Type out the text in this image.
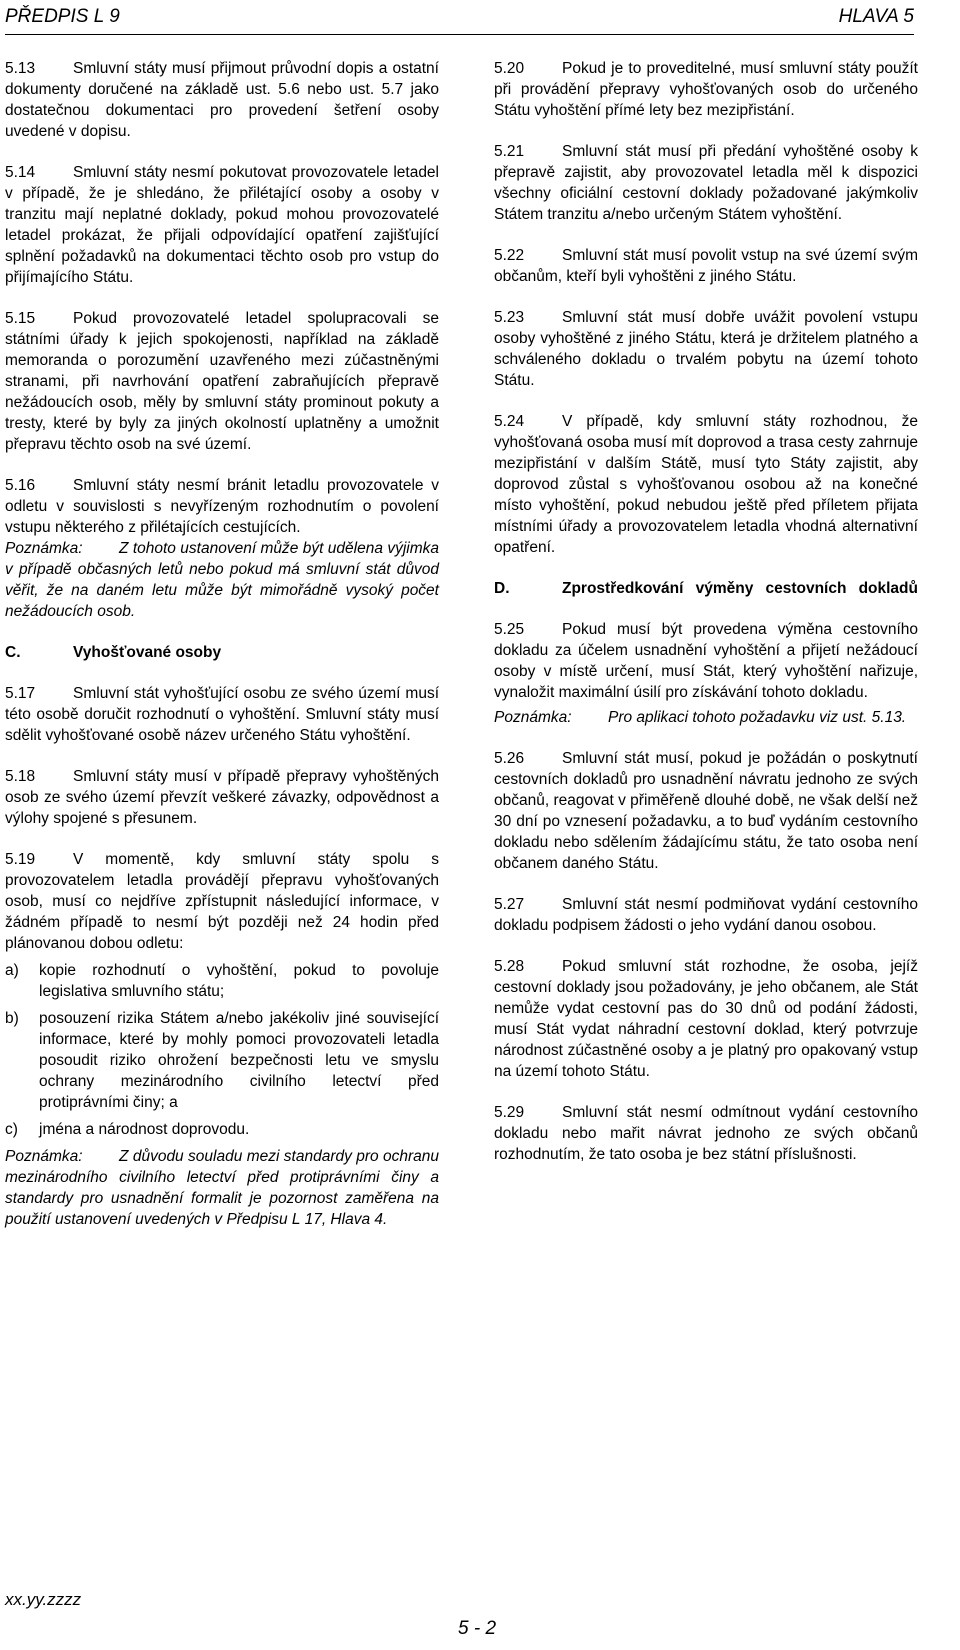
PŘEDPIS L 9	HLAVA 5

5.13 Smluvní státy musí přijmout průvodní dopis a ostatní dokumenty doručené na základě ust. 5.6 nebo ust. 5.7 jako dostatečnou dokumentaci pro provedení šetření osoby uvedené v dopisu.

5.14 Smluvní státy nesmí pokutovat provozovatele letadel v případě, že je shledáno, že přilétající osoby a osoby v tranzitu mají neplatné doklady, pokud mohou provozovatelé letadel prokázat, že přijali odpovídající opatření zajišťující splnění požadavků na dokumentaci těchto osob pro vstup do přijímajícího Státu.

5.15 Pokud provozovatelé letadel spolupracovali se státními úřady k jejich spokojenosti, například na základě memoranda o porozumění uzavřeného mezi zúčastněnými stranami, při navrhování opatření zabraňujících přepravě nežádoucích osob, měly by smluvní státy prominout pokuty a tresty, které by byly za jiných okolností uplatněny a umožnit přepravu těchto osob na své území.

5.16 Smluvní státy nesmí bránit letadlu provozovatele v odletu v souvislosti s nevyřízeným rozhodnutím o povolení vstupu některého z přilétajících cestujících.

Poznámka: Z tohoto ustanovení může být udělena výjimka v případě občasných letů nebo pokud má smluvní stát důvod věřit, že na daném letu může být mimořádně vysoký počet nežádoucích osob.

C.	Vyhošťované osoby

5.17 Smluvní stát vyhošťující osobu ze svého území musí této osobě doručit rozhodnutí o vyhoštění. Smluvní státy musí sdělit vyhošťované osobě název určeného Státu vyhoštění.

5.18 Smluvní státy musí v případě přepravy vyhoštěných osob ze svého území převzít veškeré závazky, odpovědnost a výlohy spojené s přesunem.

5.19 V momentě, kdy smluvní státy spolu s provozovatelem letadla provádějí přepravu vyhošťovaných osob, musí co nejdříve zpřístupnit následující informace, v žádném případě to nesmí být později než 24 hodin před plánovanou dobou odletu:

a)	kopie rozhodnutí o vyhoštění, pokud to povoluje legislativa smluvního státu;
b)	posouzení rizika Státem a/nebo jakékoliv jiné související informace, které by mohly pomoci provozovateli letadla posoudit riziko ohrožení bezpečnosti letu ve smyslu ochrany mezinárodního civilního letectví před protiprávními činy; a
c)	jména a národnost doprovodu.

Poznámka: Z důvodu souladu mezi standardy pro ochranu mezinárodního civilního letectví před protiprávními činy a standardy pro usnadnění formalit je pozornost zaměřena na použití ustanovení uvedených v Předpisu L 17, Hlava 4.

5.20 Pokud je to proveditelné, musí smluvní státy použít při provádění přepravy vyhošťovaných osob do určeného Státu vyhoštění přímé lety bez mezipřistání.

5.21 Smluvní stát musí při předání vyhoštěné osoby k přepravě zajistit, aby provozovatel letadla měl k dispozici všechny oficiální cestovní doklady požadované jakýmkoliv Státem tranzitu a/nebo určeným Státem vyhoštění.

5.22 Smluvní stát musí povolit vstup na své území svým občanům, kteří byli vyhoštěni z jiného Státu.

5.23 Smluvní stát musí dobře uvážit povolení vstupu osoby vyhoštěné z jiného Státu, která je držitelem platného a schváleného dokladu o trvalém pobytu na území tohoto Státu.

5.24 V případě, kdy smluvní státy rozhodnou, že vyhošťovaná osoba musí mít doprovod a trasa cesty zahrnuje mezipřistání v dalším Státě, musí tyto Státy zajistit, aby doprovod zůstal s vyhošťovanou osobou až na konečné místo vyhoštění, pokud nebudou ještě před příletem přijata místními úřady a provozovatelem letadla vhodná alternativní opatření.

D.	Zprostředkování výměny cestovních dokladů

5.25 Pokud musí být provedena výměna cestovního dokladu za účelem usnadnění vyhoštění a přijetí nežádoucí osoby v místě určení, musí Stát, který vyhoštění nařizuje, vynaložit maximální úsilí pro získávání tohoto dokladu.

Poznámka: Pro aplikaci tohoto požadavku viz ust. 5.13.

5.26 Smluvní stát musí, pokud je požádán o poskytnutí cestovních dokladů pro usnadnění návratu jednoho ze svých občanů, reagovat v přiměřeně dlouhé době, ne však delší než 30 dní po vznesení požadavku, a to buď vydáním cestovního dokladu nebo sdělením žádajícímu státu, že tato osoba není občanem daného Státu.

5.27 Smluvní stát nesmí podmiňovat vydání cestovního dokladu podpisem žádosti o jeho vydání danou osobou.

5.28 Pokud smluvní stát rozhodne, že osoba, jejíž cestovní doklady jsou požadovány, je jeho občanem, ale Stát nemůže vydat cestovní pas do 30 dnů od podání žádosti, musí Stát vydat náhradní cestovní doklad, který potvrzuje národnost zúčastněné osoby a je platný pro opakovaný vstup na území tohoto Státu.

5.29 Smluvní stát nesmí odmítnout vydání cestovního dokladu nebo mařit návrat jednoho ze svých občanů rozhodnutím, že tato osoba je bez státní příslušnosti.

xx.yy.zzzz
5 - 2
